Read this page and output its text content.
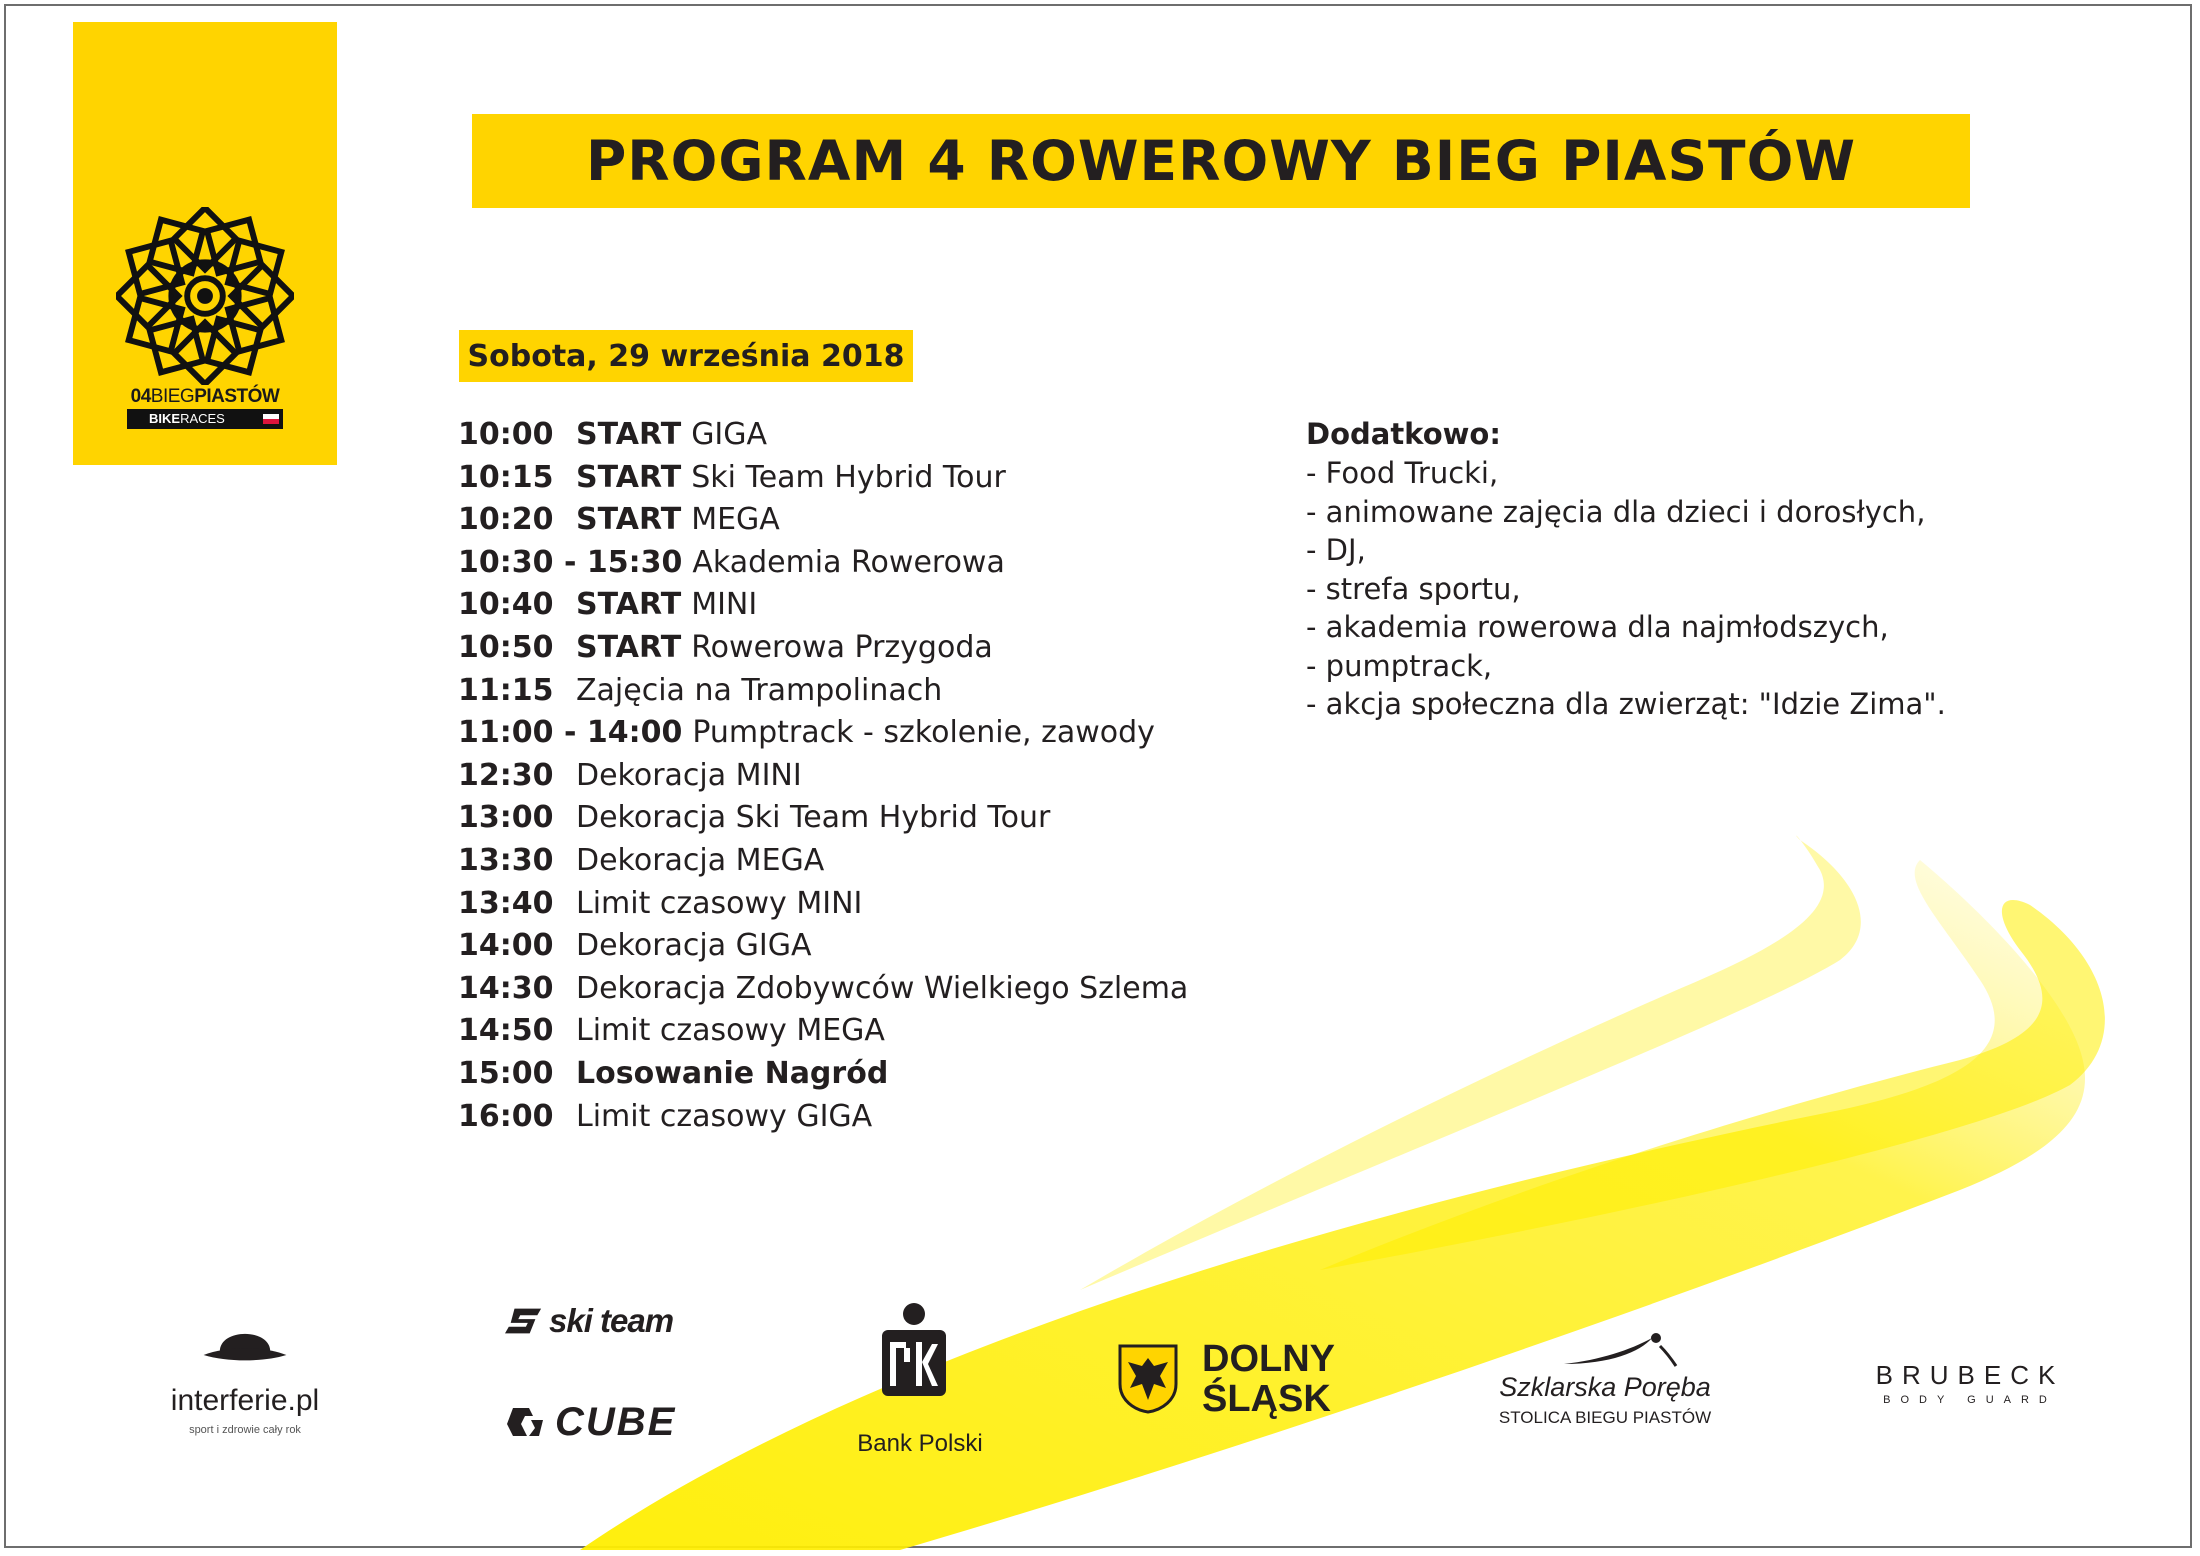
04BIEGPIASTÓW
BIKERACES
PROGRAM 4 ROWEROWY BIEG PIASTÓW
Sobota, 29 września 2018
10:00 START GIGA
10:15 START Ski Team Hybrid Tour
10:20 START MEGA
10:30 - 15:30 Akademia Rowerowa
10:40 START MINI
10:50 START Rowerowa Przygoda
11:15 Zajęcia na Trampolinach
11:00 - 14:00 Pumptrack - szkolenie, zawody
12:30 Dekoracja MINI
13:00 Dekoracja Ski Team Hybrid Tour
13:30 Dekoracja MEGA
13:40 Limit czasowy MINI
14:00 Dekoracja GIGA
14:30 Dekoracja Zdobywców Wielkiego Szlema
14:50 Limit czasowy MEGA
15:00 Losowanie Nagród
16:00 Limit czasowy GIGA
Dodatkowo:
- Food Trucki,
- animowane zajęcia dla dzieci i dorosłych,
- DJ,
- strefa sportu,
- akademia rowerowa dla najmłodszych,
- pumptrack,
- akcja społeczna dla zwierząt: "Idzie Zima".
interferie.pl
sport i zdrowie cały rok
ski team
CUBE	Bank Polski
DOLNY
ŚLĄSK	Szklarska Poręba
STOLICA BIEGU PIASTÓW
BRUBECK
BODY GUARD
